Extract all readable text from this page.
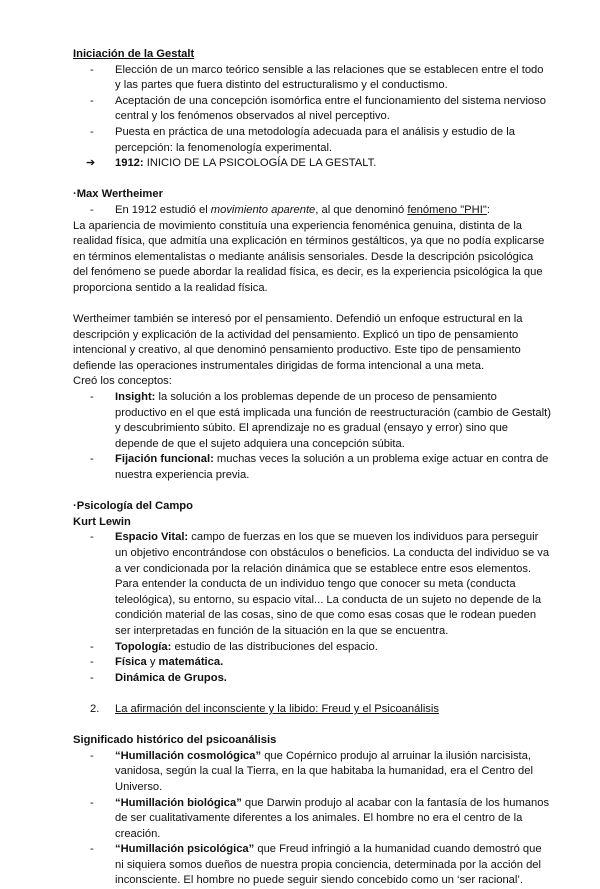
Iniciación de la Gestalt
- Elección de un marco teórico sensible a las relaciones que se establecen entre el todo y las partes que fuera distinto del estructuralismo y el conductismo.
- Aceptación de una concepción isomórfica entre el funcionamiento del sistema nervioso central y los fenómenos observados al nivel perceptivo.
- Puesta en práctica de una metodología adecuada para el análisis y estudio de la percepción: la fenomenología experimental.
➔ 1912: INICIO DE LA PSICOLOGÍA DE LA GESTALT.
·Max Wertheimer
- En 1912 estudió el movimiento aparente, al que denominó fenómeno "PHI":
La apariencia de movimiento constituía una experiencia fenoménica genuina, distinta de la realidad física, que admitía una explicación en términos gestálticos, ya que no podía explicarse en términos elementalistas o mediante análisis sensoriales. Desde la descripción psicológica del fenómeno se puede abordar la realidad física, es decir, es la experiencia psicológica la que proporciona sentido a la realidad física.
Wertheimer también se interesó por el pensamiento. Defendió un enfoque estructural en la descripción y explicación de la actividad del pensamiento. Explicó un tipo de pensamiento intencional y creativo, al que denominó pensamiento productivo. Este tipo de pensamiento defiende las operaciones instrumentales dirigidas de forma intencional a una meta.
Creó los conceptos:
- Insight: la solución a los problemas depende de un proceso de pensamiento productivo en el que está implicada una función de reestructuración (cambio de Gestalt) y descubrimiento súbito. El aprendizaje no es gradual (ensayo y error) sino que depende de que el sujeto adquiera una concepción súbita.
- Fijación funcional: muchas veces la solución a un problema exige actuar en contra de nuestra experiencia previa.
·Psicología del Campo
Kurt Lewin
- Espacio Vital: campo de fuerzas en los que se mueven los individuos para perseguir un objetivo encontrándose con obstáculos o beneficios. La conducta del individuo se va a ver condicionada por la relación dinámica que se establece entre esos elementos.
Para entender la conducta de un individuo tengo que conocer su meta (conducta teleológica), su entorno, su espacio vital... La conducta de un sujeto no depende de la condición material de las cosas, sino de que como esas cosas que le rodean pueden ser interpretadas en función de la situación en la que se encuentra.
- Topología: estudio de las distribuciones del espacio.
- Física y matemática.
- Dinámica de Grupos.
2. La afirmación del inconsciente y la libido: Freud y el Psicoanálisis
Significado histórico del psicoanálisis
- “Humillación cosmológica” que Copérnico produjo al arruinar la ilusión narcisista, vanidosa, según la cual la Tierra, en la que habitaba la humanidad, era el Centro del Universo.
- “Humillación biológica” que Darwin produjo al acabar con la fantasía de los humanos de ser cualitativamente diferentes a los animales. El hombre no era el centro de la creación.
- “Humillación psicológica” que Freud infringió a la humanidad cuando demostró que ni siquiera somos dueños de nuestra propia conciencia, determinada por la acción del inconsciente. El hombre no puede seguir siendo concebido como un ‘ser racional’.
